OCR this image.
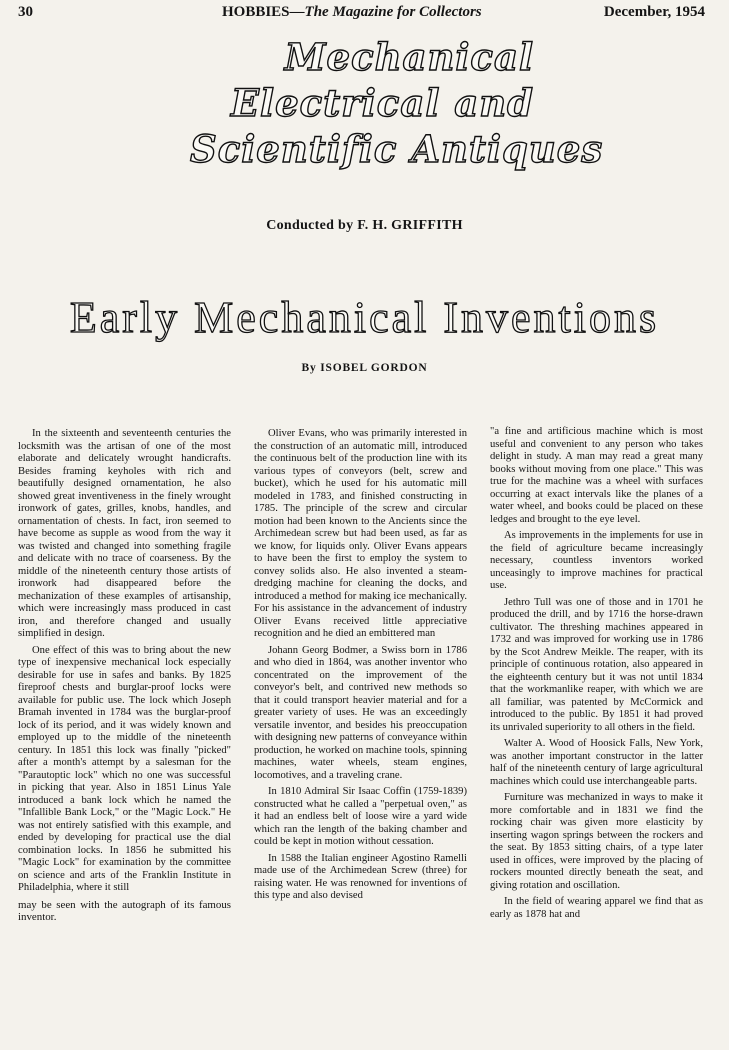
30	HOBBIES—The Magazine for Collectors	December, 1954
Mechanical
Electrical and
Scientific Antiques
Conducted by F. H. GRIFFITH
Early Mechanical Inventions
By ISOBEL GORDON

In the sixteenth and seventeenth centuries the locksmith was the artisan of one of the most elaborate and delicately wrought handicrafts. Besides framing keyholes with rich and beautifully designed ornamentation, he also showed great inventiveness in the finely wrought ironwork of gates, grilles, knobs, handles, and ornamentation of chests. In fact, iron seemed to have become as supple as wood from the way it was twisted and changed into something fragile and delicate with no trace of coarseness. By the middle of the nineteenth century those artists of ironwork had disappeared before the mechanization of these examples of artisanship, which were increasingly mass produced in cast iron, and therefore changed and usually simplified in design.

One effect of this was to bring about the new type of inexpensive mechanical lock especially desirable for use in safes and banks. By 1825 fireproof chests and burglar-proof locks were available for public use. The lock which Joseph Bramah invented in 1784 was the burglar-proof lock of its period, and it was widely known and employed up to the middle of the nineteenth century. In 1851 this lock was finally "picked" after a month's attempt by a salesman for the "Parautoptic lock" which no one was successful in picking that year. Also in 1851 Linus Yale introduced a bank lock which he named the "Infallible Bank Lock," or the "Magic Lock." He was not entirely satisfied with this example, and ended by developing for practical use the dial combination locks. In 1856 he submitted his "Magic Lock" for examination by the committee on science and arts of the Franklin Institute in Philadelphia, where it still

may be seen with the autograph of its famous inventor.

Oliver Evans, who was primarily interested in the construction of an automatic mill, introduced the continuous belt of the production line with its various types of conveyors (belt, screw and bucket), which he used for his automatic mill modeled in 1783, and finished constructing in 1785. The principle of the screw and circular motion had been known to the Ancients since the Archimedean screw but had been used, as far as we know, for liquids only. Oliver Evans appears to have been the first to employ the system to convey solids also. He also invented a steam-dredging machine for cleaning the docks, and introduced a method for making ice mechanically. For his assistance in the advancement of industry Oliver Evans received little appreciative recognition and he died an embittered man

Johann Georg Bodmer, a Swiss born in 1786 and who died in 1864, was another inventor who concentrated on the improvement of the conveyor's belt, and contrived new methods so that it could transport heavier material and for a greater variety of uses. He was an exceedingly versatile inventor, and besides his preoccupation with designing new patterns of conveyance within production, he worked on machine tools, spinning machines, water wheels, steam engines, locomotives, and a traveling crane.

In 1810 Admiral Sir Isaac Coffin (1759-1839) constructed what he called a "perpetual oven," as it had an endless belt of loose wire a yard wide which ran the length of the baking chamber and could be kept in motion without cessation.

In 1588 the Italian engineer Agostino Ramelli made use of the Archimedean Screw (three) for raising water. He was renowned for inventions of this type and also devised

"a fine and artificious machine which is most useful and convenient to any person who takes delight in study. A man may read a great many books without moving from one place." This was true for the machine was a wheel with surfaces occurring at exact intervals like the planes of a water wheel, and books could be placed on these ledges and brought to the eye level.

As improvements in the implements for use in the field of agriculture became increasingly necessary, countless inventors worked unceasingly to improve machines for practical use.

Jethro Tull was one of those and in 1701 he produced the drill, and by 1716 the horse-drawn cultivator. The threshing machines appeared in 1732 and was improved for working use in 1786 by the Scot Andrew Meikle. The reaper, with its principle of continuous rotation, also appeared in the eighteenth century but it was not until 1834 that the workmanlike reaper, with which we are all familiar, was patented by McCormick and introduced to the public. By 1851 it had proved its unrivaled superiority to all others in the field.

Walter A. Wood of Hoosick Falls, New York, was another important constructor in the latter half of the nineteenth century of large agricultural machines which could use interchangeable parts.

Furniture was mechanized in ways to make it more comfortable and in 1831 we find the rocking chair was given more elasticity by inserting wagon springs between the rockers and the seat. By 1853 sitting chairs, of a type later used in offices, were improved by the placing of rockers mounted directly beneath the seat, and giving rotation and oscillation.

In the field of wearing apparel we find that as early as 1878 hat and
